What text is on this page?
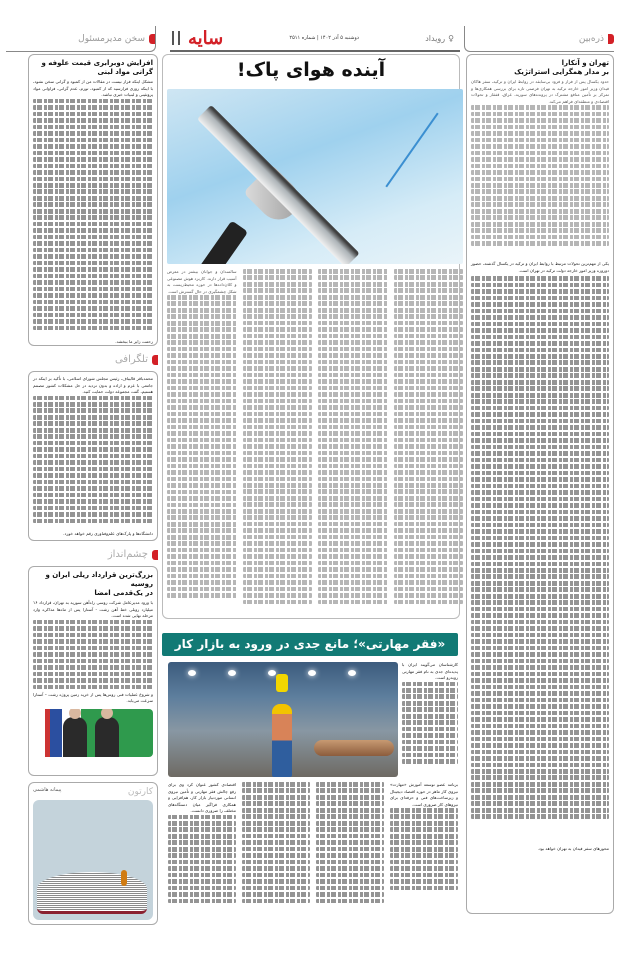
ذره‌بین
♀
رویداد
دوشنبه ۵ آذر ۱۴۰۲ | شماره ۲۵۱۱
سایه
سخن مدیرمسئول
تهران و آنکارا
بر مدار همگرایی استراتژیک

حدود یکسال پس از فراز و فرود بی‌سابقه در روابط ایران و ترکیه، سفر هاکان فیدان وزیر امور خارجه ترکیه به تهران فرصتی تازه برای بررسی همکاری‌ها و تمرکز بر تأمین منافع مشترک در پرونده‌های سوریه، عراق، قفقاز و تحولات اقتصادی و منطقه‌ای فراهم می‌کند.

یکی از مهم‌ترین تحولات مرتبط با روابط ایران و ترکیه در یکسال گذشته، حضور دوروزه وزیر امور خارجه دولت ترکیه در تهران است.

محورهای سفر فیدان به تهران خواهد بود.

آینده هوای پاک!

سالمندان و جوانان بیشتر در معرض آسیب قرار دارند. کاربرد هوش مصنوعی و کلان‌داده‌ها در حوزه محیط‌زیست به شکل چشمگیری در حال گسترش است.

«فقر مهارتی»؛ مانع جدی در ورود به بازار کار

کارشناسان می‌گویند ایران با پدیده‌ای جدی به نام فقر مهارتی روبه‌رو است.

اقتصادی کشور عنوان کرد وی برای رفع چالش فقر مهارتی و تأمین نیروی انسانی موردنیاز بازار کار، هم‌افزایی و همکاری فراگیر میان دستگاه‌های مختلف را ضروری دانست.

برنامه عضو توسعه آموزش «مهارت» نیروی کار ماهر در حوزه اقتصاد دیجیتال و زیرساخت‌های فنی و حرفه‌ای برای نیروهای کار ضروری است.

افزایش دوبرابری قیمت علوفه و گرانی مواد لبنی

مشکل اینکه فراز نیست در مقالات من از کمبود و گرانی سخن نشود، با اینکه روزی فرارسید که از کمبود، تورم، عدم گرانی، فراوانی مواد پروتئینی و لبنیات خبری نباشد.

رحمت زایر ما ببخشد.

تلگرافی

محمدباقر قالیباف، رئیس مجلس شورای اسلامی، با تأکید بر اینکه در جامعی با عزم و اراده و بدون تردید در حل مشکلات کشور مصمم هستیم، گفت مجموعه دولت حمایت کنید.

دانشگاه‌ها و پارک‌های علم‌وفناوری رقم خواهد خورد.

چشم‌انداز
بزرگ‌ترین قرارداد ریلی ایران و روسیه
در یک‌قدمی امضا

با ورود مدیرعامل شرکت روسی راه‌آهن سوریه به تهران، قرارداد ۱۶ میلیارد روبلی خط آهن رشت - آستارا پس از ماه‌ها مذاکره وارد مرحله نهایی شده است.

و شروع عملیات فنی روس‌ها پس از خرید زمین پروژه رشت – آستارا سرعت می‌یابد.

کارتون
پیمانه هاشمی
